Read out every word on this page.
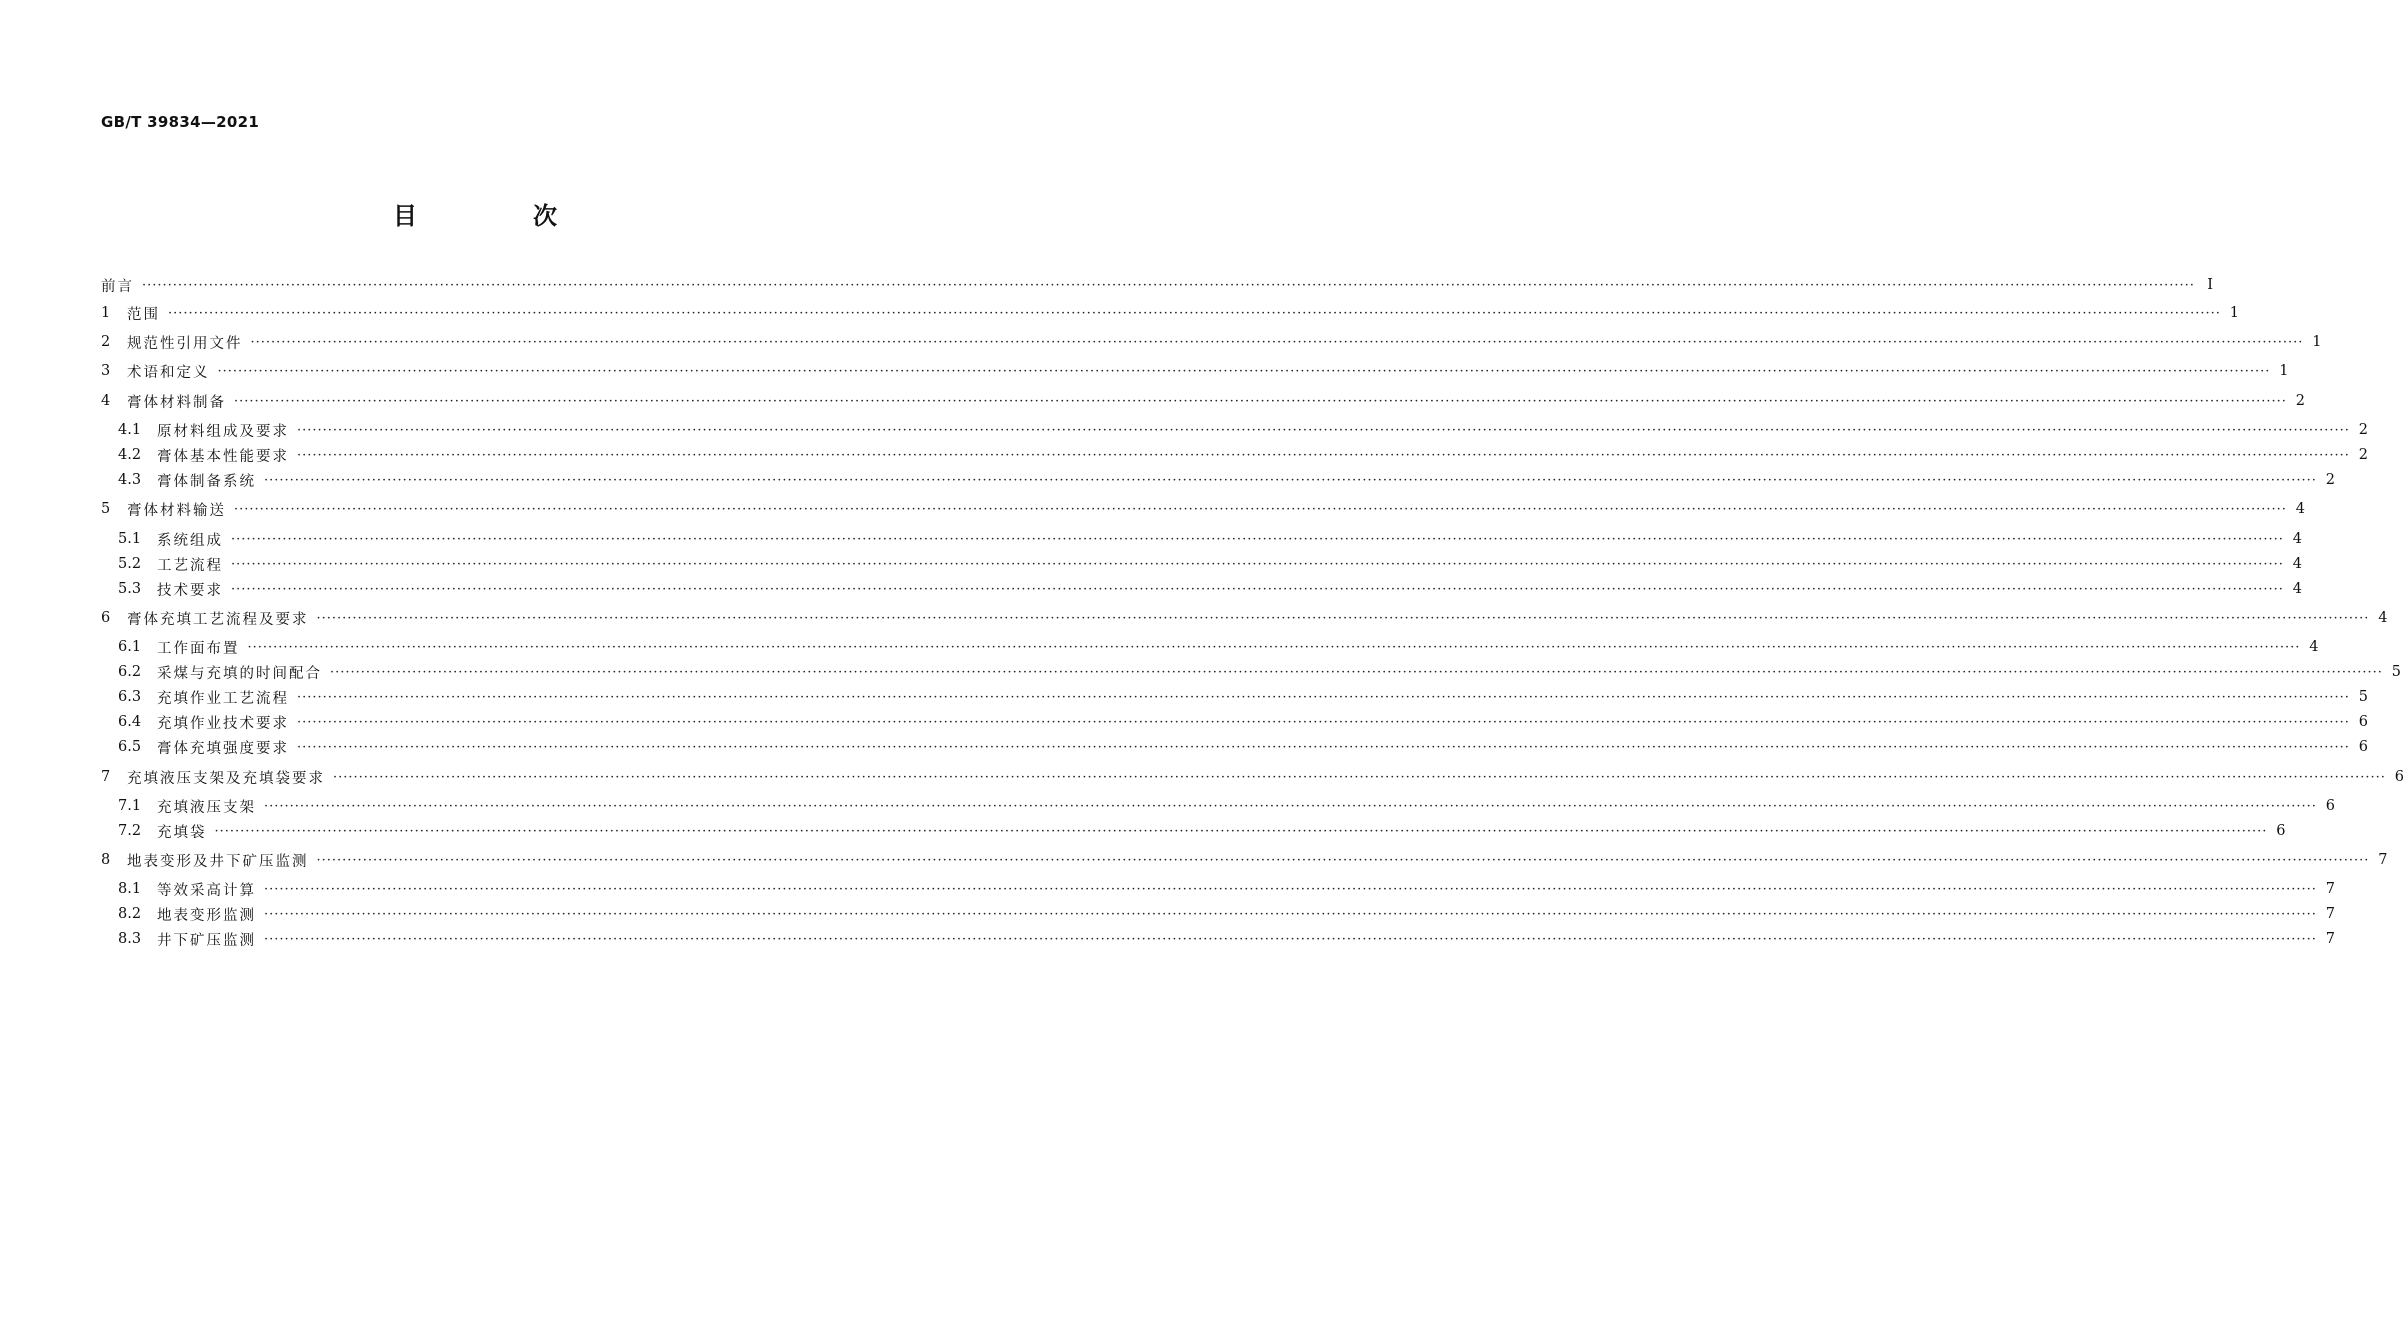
GB/T 39834—2021
目　次
前言 ················································································································································································································································································································································································································ Ⅰ
1	范围 ················································································································································································································································································································································································································ 1
2	规范性引用文件 ················································································································································································································································································································································································································ 1
3	术语和定义 ················································································································································································································································································································································································································ 1
4	膏体材料制备 ················································································································································································································································································································································································································ 2
4.1	原材料组成及要求 ················································································································································································································································································································································································································ 2
4.2	膏体基本性能要求 ················································································································································································································································································································································································································ 2
4.3	膏体制备系统 ················································································································································································································································································································································································································ 2
5	膏体材料输送 ················································································································································································································································································································································································································ 4
5.1	系统组成 ················································································································································································································································································································································································································ 4
5.2	工艺流程 ················································································································································································································································································································································································································ 4
5.3	技术要求 ················································································································································································································································································································································································································ 4
6	膏体充填工艺流程及要求 ················································································································································································································································································································································································································ 4
6.1	工作面布置 ················································································································································································································································································································································································································ 4
6.2	采煤与充填的时间配合 ················································································································································································································································································································································································································ 5
6.3	充填作业工艺流程 ················································································································································································································································································································································································································ 5
6.4	充填作业技术要求 ················································································································································································································································································································································································································ 6
6.5	膏体充填强度要求 ················································································································································································································································································································································································································ 6
7	充填液压支架及充填袋要求 ················································································································································································································································································································································································································ 6
7.1	充填液压支架 ················································································································································································································································································································································································································ 6
7.2	充填袋 ················································································································································································································································································································································································································ 6
8	地表变形及井下矿压监测 ················································································································································································································································································································································································································ 7
8.1	等效采高计算 ················································································································································································································································································································································································································ 7
8.2	地表变形监测 ················································································································································································································································································································································································································ 7
8.3	井下矿压监测 ················································································································································································································································································································································································································ 7
